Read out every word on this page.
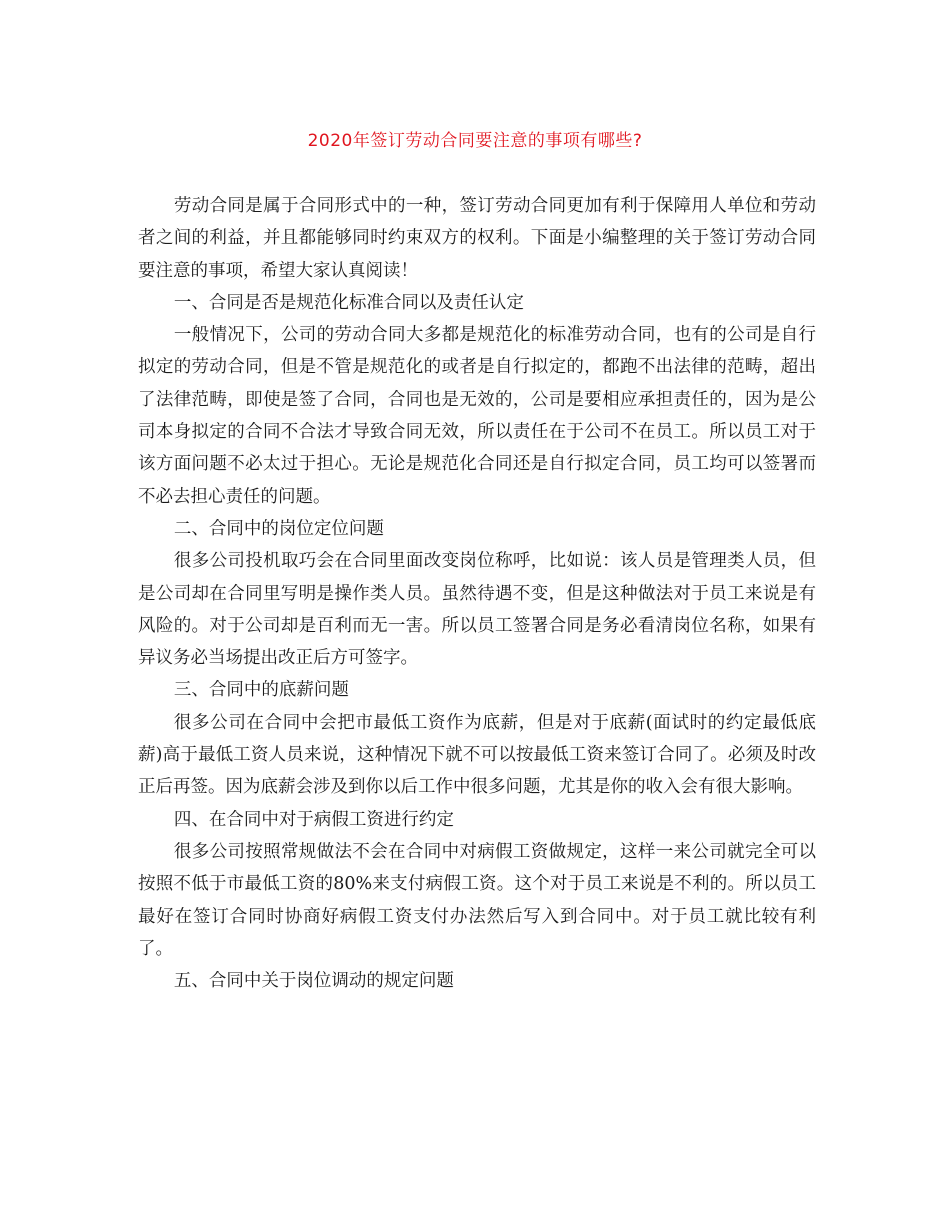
2020年签订劳动合同要注意的事项有哪些?

劳动合同是属于合同形式中的一种，签订劳动合同更加有利于保障用人单位和劳动者之间的利益，并且都能够同时约束双方的权利。下面是小编整理的关于签订劳动合同要注意的事项，希望大家认真阅读！

一、合同是否是规范化标准合同以及责任认定

一般情况下，公司的劳动合同大多都是规范化的标准劳动合同，也有的公司是自行拟定的劳动合同，但是不管是规范化的或者是自行拟定的，都跑不出法律的范畴，超出了法律范畴，即使是签了合同，合同也是无效的，公司是要相应承担责任的，因为是公司本身拟定的合同不合法才导致合同无效，所以责任在于公司不在员工。所以员工对于该方面问题不必太过于担心。无论是规范化合同还是自行拟定合同，员工均可以签署而不必去担心责任的问题。

二、合同中的岗位定位问题

很多公司投机取巧会在合同里面改变岗位称呼，比如说：该人员是管理类人员，但是公司却在合同里写明是操作类人员。虽然待遇不变，但是这种做法对于员工来说是有风险的。对于公司却是百利而无一害。所以员工签署合同是务必看清岗位名称，如果有异议务必当场提出改正后方可签字。

三、合同中的底薪问题

很多公司在合同中会把市最低工资作为底薪，但是对于底薪(面试时的约定最低底薪)高于最低工资人员来说，这种情况下就不可以按最低工资来签订合同了。必须及时改正后再签。因为底薪会涉及到你以后工作中很多问题，尤其是你的收入会有很大影响。

四、在合同中对于病假工资进行约定

很多公司按照常规做法不会在合同中对病假工资做规定，这样一来公司就完全可以按照不低于市最低工资的80%来支付病假工资。这个对于员工来说是不利的。所以员工最好在签订合同时协商好病假工资支付办法然后写入到合同中。对于员工就比较有利了。

五、合同中关于岗位调动的规定问题
